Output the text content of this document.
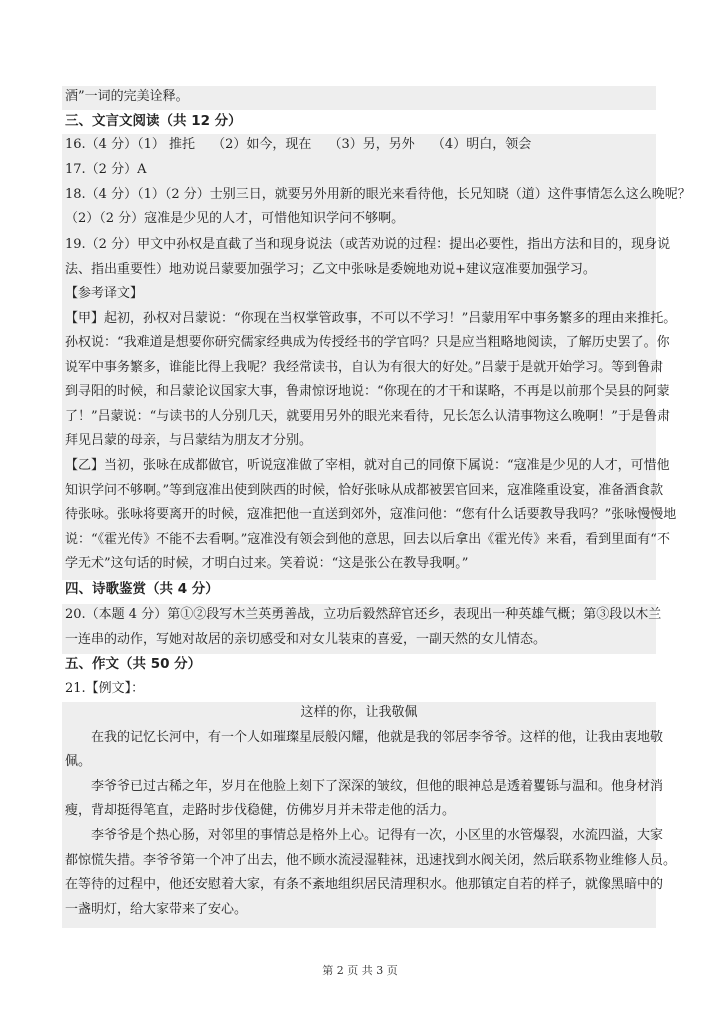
酒”一词的完美诠释。
三、文言文阅读（共 12 分）
16.（4 分）（1） 推托　 （2）如今，现在　 （3）另，另外　 （4）明白，领会
17.（2 分）A
18.（4 分）（1）（2 分）士别三日，就要另外用新的眼光来看待他，长兄知晓（道）这件事情怎么这么晚呢？
（2）（2 分）寇准是少见的人才，可惜他知识学问不够啊。
19.（2 分）甲文中孙权是直截了当和现身说法（或苦劝说的过程：提出必要性，指出方法和目的，现身说
法、指出重要性）地劝说吕蒙要加强学习；乙文中张咏是委婉地劝说+建议寇准要加强学习。
【参考译文】
【甲】起初，孙权对吕蒙说：“你现在当权掌管政事，不可以不学习！”吕蒙用军中事务繁多的理由来推托。
孙权说：“我难道是想要你研究儒家经典成为传授经书的学官吗？只是应当粗略地阅读，了解历史罢了。你
说军中事务繁多，谁能比得上我呢？我经常读书，自认为有很大的好处。”吕蒙于是就开始学习。等到鲁肃
到寻阳的时候，和吕蒙论议国家大事，鲁肃惊讶地说：“你现在的才干和谋略，不再是以前那个吴县的阿蒙
了！”吕蒙说：“与读书的人分别几天，就要用另外的眼光来看待，兄长怎么认清事物这么晚啊！”于是鲁肃
拜见吕蒙的母亲，与吕蒙结为朋友才分别。
【乙】当初，张咏在成都做官，听说寇准做了宰相，就对自己的同僚下属说：“寇准是少见的人才，可惜他
知识学问不够啊。”等到寇准出使到陕西的时候，恰好张咏从成都被罢官回来，寇准隆重设宴，准备酒食款
待张咏。张咏将要离开的时候，寇准把他一直送到郊外，寇准问他：“您有什么话要教导我吗？”张咏慢慢地
说：“《霍光传》不能不去看啊。”寇准没有领会到他的意思，回去以后拿出《霍光传》来看，看到里面有“不
学无术”这句话的时候，才明白过来。笑着说：“这是张公在教导我啊。”
四、诗歌鉴赏（共 4 分）
20.（本题 4 分）第①②段写木兰英勇善战，立功后毅然辞官还乡，表现出一种英雄气概；第③段以木兰
一连串的动作，写她对故居的亲切感受和对女儿装束的喜爱，一副天然的女儿情态。
五、作文（共 50 分）
21.【例文】：
这样的你，让我敬佩
　　在我的记忆长河中，有一个人如璀璨星辰般闪耀，他就是我的邻居李爷爷。这样的他，让我由衷地敬
佩。
　　李爷爷已过古稀之年，岁月在他脸上刻下了深深的皱纹，但他的眼神总是透着矍铄与温和。他身材消
瘦，背却挺得笔直，走路时步伐稳健，仿佛岁月并未带走他的活力。
　　李爷爷是个热心肠，对邻里的事情总是格外上心。记得有一次，小区里的水管爆裂，水流四溢，大家
都惊慌失措。李爷爷第一个冲了出去，他不顾水流浸湿鞋袜，迅速找到水阀关闭，然后联系物业维修人员。
在等待的过程中，他还安慰着大家，有条不紊地组织居民清理积水。他那镇定自若的样子，就像黑暗中的
一盏明灯，给大家带来了安心。
第 2 页 共 3 页
